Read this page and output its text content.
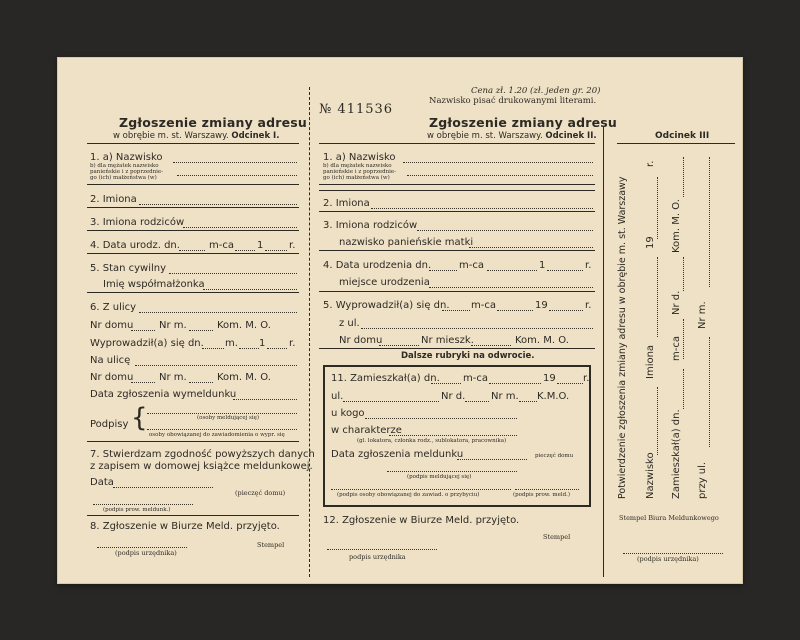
Cena zł. 1.20 (zł. jeden gr. 20)
Nazwisko pisać drukowanymi literami.
№ 411536
Zgłoszenie zmiany adresu
w obrębie m. st. Warszawy. Odcinek I.
1. a) Nazwisko
b) dla mężatek nazwisko
panieńskie i z poprzednie-
go (ich) małżeństwa (w)
2. Imiona
3. Imiona rodziców
4. Data urodz. dn.	m-ca 1	r.
5. Stan cywilny
Imię współmałżonka
6. Z ulicy
Nr domu	Nr m.	Kom. M. O.
Wyprowadził(a) się dn. m. 1 r.
Na ulicę
Nr domu	Nr m.	Kom. M. O.
Data zgłoszenia wymeldunku
Podpisy {	(osoby meldującej się)
osoby obowiązanej do zawiadomienia o wypr. się
7. Stwierdzam zgodność powyższych danych
z zapisem w domowej książce meldunkowej.
Data
(pieczęć domu)
(podpis prow. meldunk.)
8. Zgłoszenie w Biurze Meld. przyjęto.
Stempel
(podpis urzędnika)
Zgłoszenie zmiany adresu
w obrębie m. st. Warszawy. Odcinek II.
1. a) Nazwisko
b) dla mężatek nazwisko
panieńskie i z poprzednie-
go (ich) małżeństwa (w)
2. Imiona
3. Imiona rodziców
nazwisko panieńskie matki
4. Data urodzenia dn.	m-ca	1	r.
miejsce urodzenia
5. Wyprowadził(a) się dn. m-ca	19	r.
z ul.
Nr domu	Nr mieszk.	Kom. M. O.
Dalsze rubryki na odwrocie.
11. Zamieszkał(a) dn. m-ca	19	r.
ul.	Nr d.	Nr m. K.M.O.
u kogo
w charakterze
(gl. lokatora, członka rodz., sublokatora, pracownika)
Data zgłoszenia meldunku	pieczęć domu
(podpis meldującej się)
(podpis osoby obowiązanej do zawiad. o przybyciu)	(podpis prow. meld.)
12. Zgłoszenie w Biurze Meld. przyjęto.
Stempel
podpis urzędnika
Odcinek III
Potwierdzenie zgłoszenia zmiany adresu w obrębie m. st. Warszawy Nazwisko
Imiona
19
r.
Zamieszkał(a) dn.
m-ca
Nr d.
Kom. M. O.
przy ul.
Nr m.
Stempel Biura Meldunkowego
(podpis urzędnika)
